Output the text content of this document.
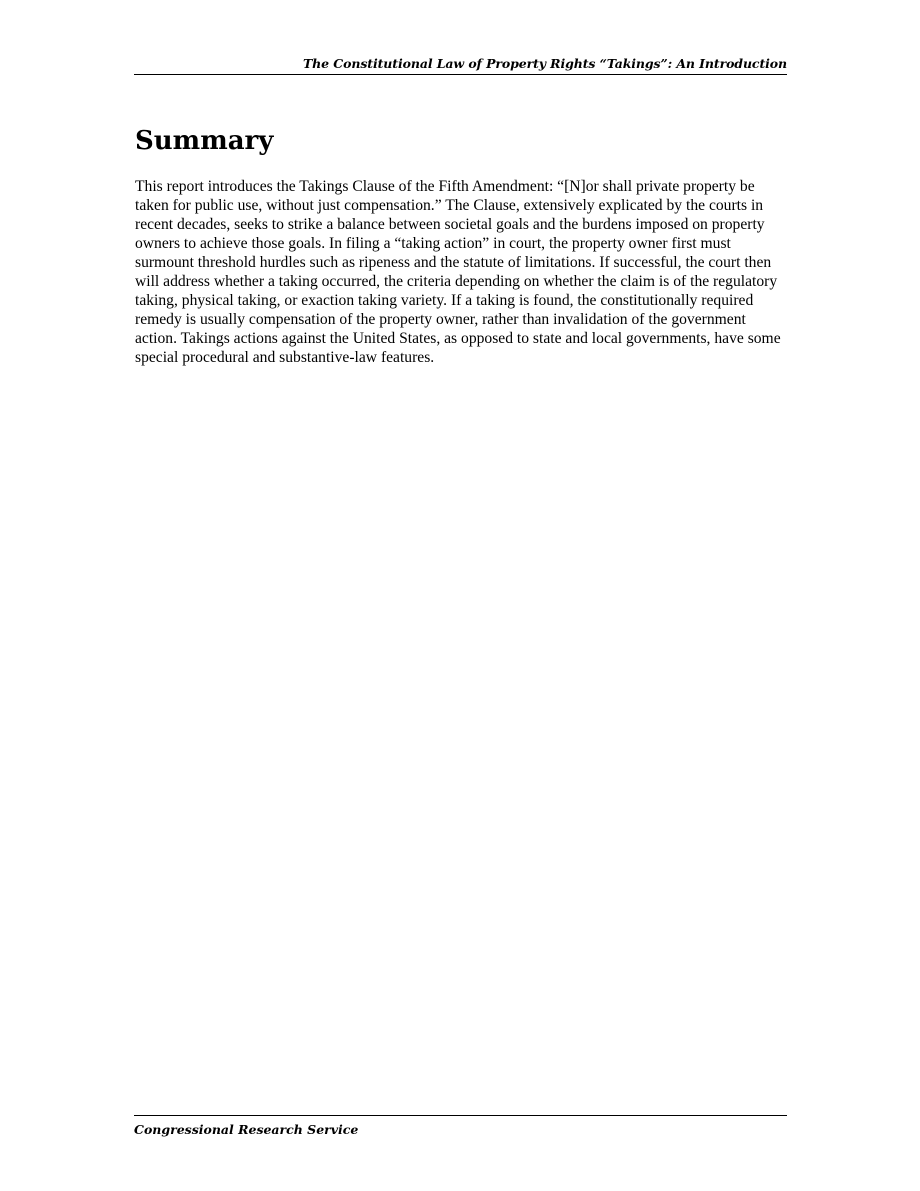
The Constitutional Law of Property Rights “Takings”: An Introduction
Summary

This report introduces the Takings Clause of the Fifth Amendment: “[N]or shall private property be taken for public use, without just compensation.” The Clause, extensively explicated by the courts in recent decades, seeks to strike a balance between societal goals and the burdens imposed on property owners to achieve those goals. In filing a “taking action” in court, the property owner first must surmount threshold hurdles such as ripeness and the statute of limitations. If successful, the court then will address whether a taking occurred, the criteria depending on whether the claim is of the regulatory taking, physical taking, or exaction taking variety. If a taking is found, the constitutionally required remedy is usually compensation of the property owner, rather than invalidation of the government action. Takings actions against the United States, as opposed to state and local governments, have some special procedural and substantive-law features.

Congressional Research Service
